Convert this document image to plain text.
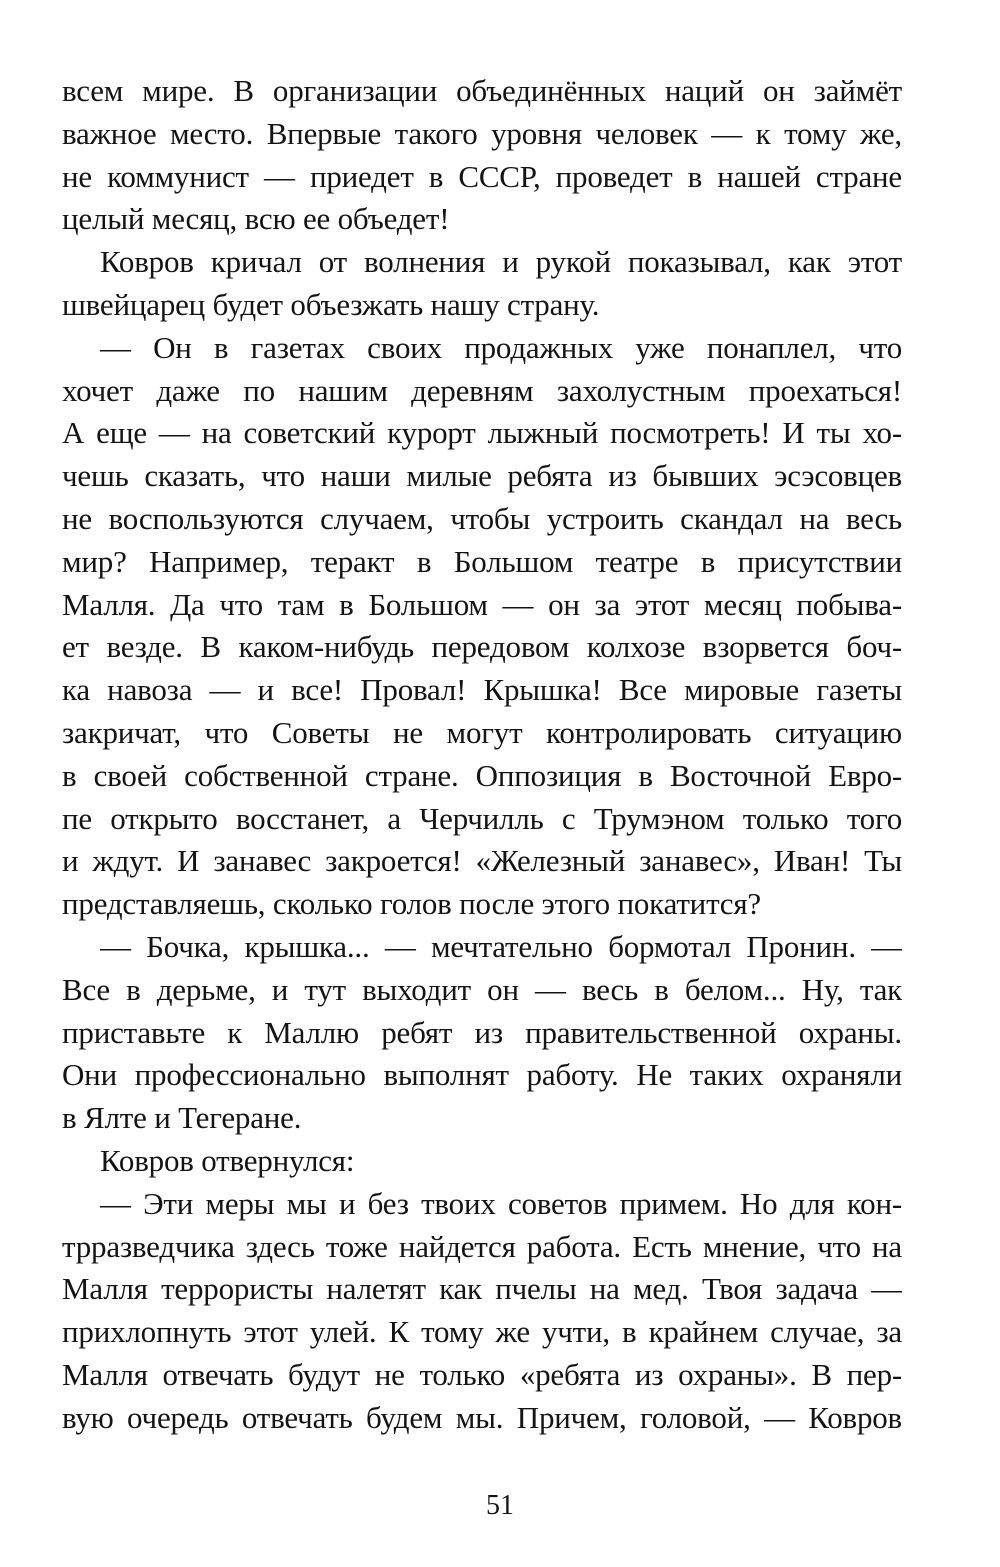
всем мире. В организации объединённых наций он займёт
важное место. Впервые такого уровня человек — к тому же,
не коммунист — приедет в СССР, проведет в нашей стране
целый месяц, всю ее объедет!
Ковров кричал от волнения и рукой показывал, как этот
швейцарец будет объезжать нашу страну.
— Он в газетах своих продажных уже понаплел, что
хочет даже по нашим деревням захолустным проехаться!
А еще — на советский курорт лыжный посмотреть! И ты хо-
чешь сказать, что наши милые ребята из бывших эсэсовцев
не воспользуются случаем, чтобы устроить скандал на весь
мир? Например, теракт в Большом театре в присутствии
Малля. Да что там в Большом — он за этот месяц побыва-
ет везде. В каком-нибудь передовом колхозе взорвется боч-
ка навоза — и все! Провал! Крышка! Все мировые газеты
закричат, что Советы не могут контролировать ситуацию
в своей собственной стране. Оппозиция в Восточной Евро-
пе открыто восстанет, а Черчилль с Трумэном только того
и ждут. И занавес закроется! «Железный занавес», Иван! Ты
представляешь, сколько голов после этого покатится?
— Бочка, крышка... — мечтательно бормотал Пронин. —
Все в дерьме, и тут выходит он — весь в белом... Ну, так
приставьте к Маллю ребят из правительственной охраны.
Они профессионально выполнят работу. Не таких охраняли
в Ялте и Тегеране.
Ковров отвернулся:
— Эти меры мы и без твоих советов примем. Но для кон-
трразведчика здесь тоже найдется работа. Есть мнение, что на
Малля террористы налетят как пчелы на мед. Твоя задача —
прихлопнуть этот улей. К тому же учти, в крайнем случае, за
Малля отвечать будут не только «ребята из охраны». В пер-
вую очередь отвечать будем мы. Причем, головой, — Ковров
51
